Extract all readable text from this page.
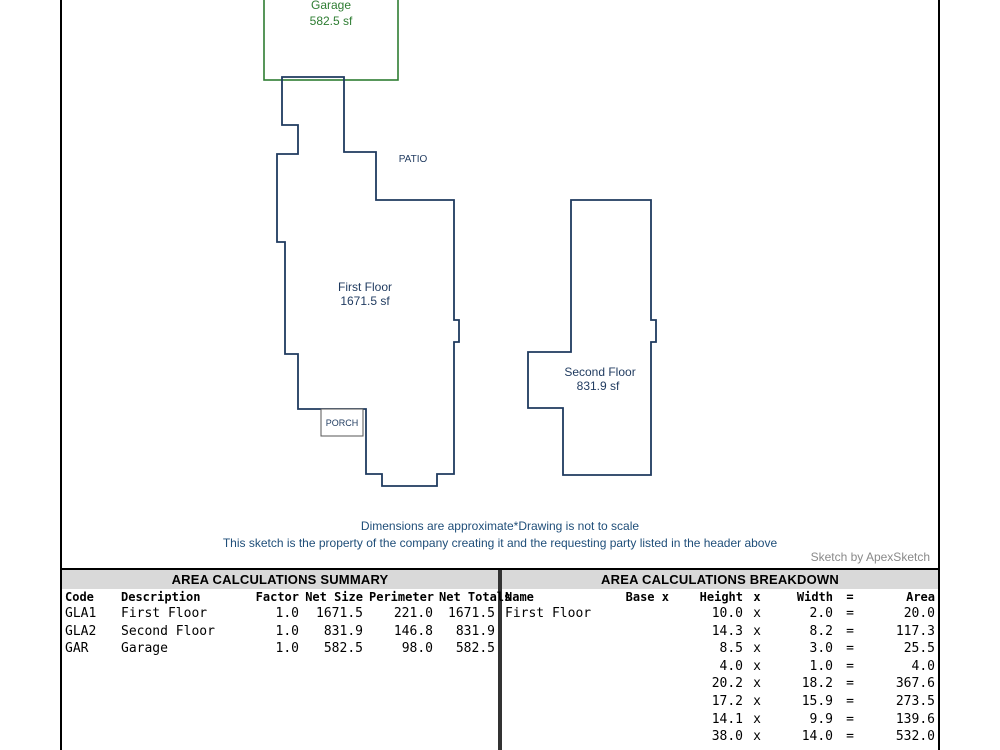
Garage
582.5 sf
First Floor
1671.5 sf
PATIO
PORCH
Second Floor
831.9 sf
Dimensions are approximate*Drawing is not to scale
This sketch is the property of the company creating it and the requesting party listed in the header above
Sketch by ApexSketch
AREA CALCULATIONS SUMMARY
Code	Description	Factor	Net Size	Perimeter	Net Totals
GLA1	First Floor	1.0	1671.5	221.0	1671.5
GLA2	Second Floor	1.0	831.9	146.8	831.9
GAR	Garage	1.0	582.5	98.0	582.5
AREA CALCULATIONS BREAKDOWN
Name	Base x	Height	x	Width	=	Area
First Floor		10.0	x	2.0	=	20.0
		14.3	x	8.2	=	117.3
		8.5	x	3.0	=	25.5
		4.0	x	1.0	=	4.0
		20.2	x	18.2	=	367.6
		17.2	x	15.9	=	273.5
		14.1	x	9.9	=	139.6
		38.0	x	14.0	=	532.0
